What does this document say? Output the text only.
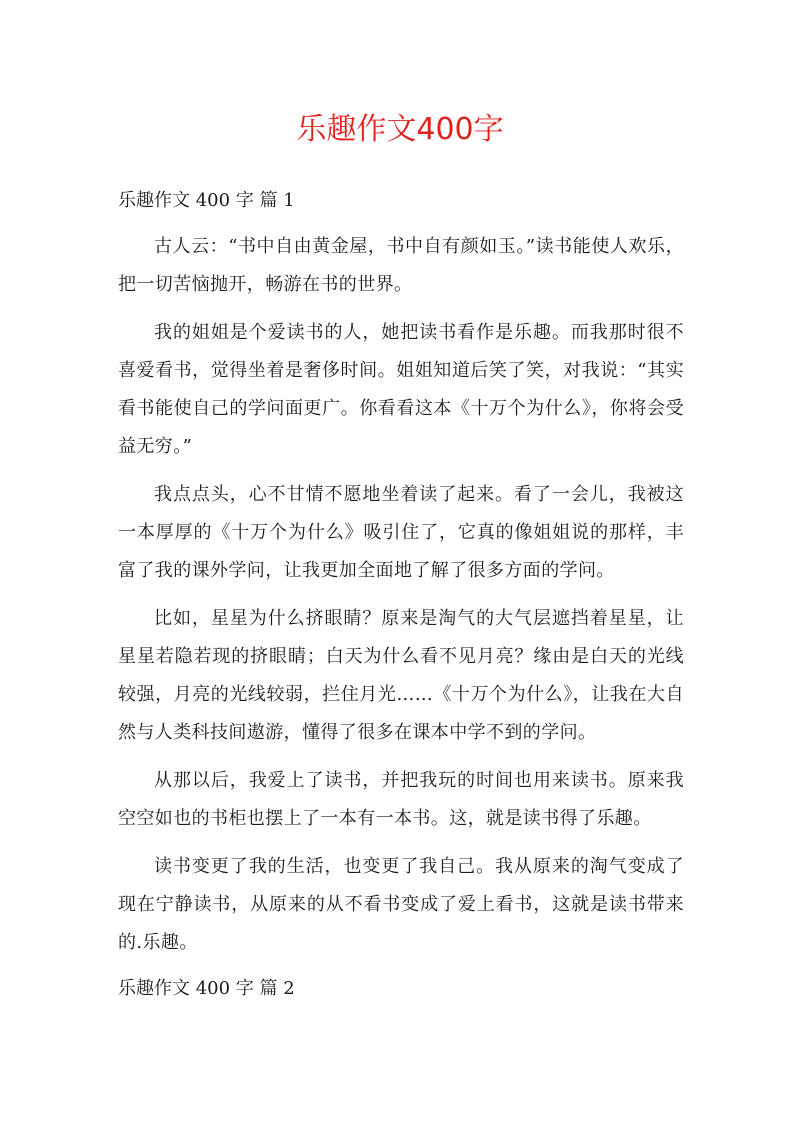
乐趣作文400字
乐趣作文 400 字 篇 1

古人云：“书中自由黄金屋，书中自有颜如玉。”读书能使人欢乐，把一切苦恼抛开，畅游在书的世界。

我的姐姐是个爱读书的人，她把读书看作是乐趣。而我那时很不喜爱看书，觉得坐着是奢侈时间。姐姐知道后笑了笑，对我说：“其实看书能使自己的学问面更广。你看看这本《十万个为什么》，你将会受益无穷。”

我点点头，心不甘情不愿地坐着读了起来。看了一会儿，我被这一本厚厚的《十万个为什么》吸引住了，它真的像姐姐说的那样，丰富了我的课外学问，让我更加全面地了解了很多方面的学问。

比如，星星为什么挤眼睛？原来是淘气的大气层遮挡着星星，让星星若隐若现的挤眼睛；白天为什么看不见月亮？缘由是白天的光线较强，月亮的光线较弱，拦住月光……《十万个为什么》，让我在大自然与人类科技间遨游，懂得了很多在课本中学不到的学问。

从那以后，我爱上了读书，并把我玩的时间也用来读书。原来我空空如也的书柜也摆上了一本有一本书。这，就是读书得了乐趣。

读书变更了我的生活，也变更了我自己。我从原来的淘气变成了现在宁静读书，从原来的从不看书变成了爱上看书，这就是读书带来的.乐趣。

乐趣作文 400 字 篇 2
